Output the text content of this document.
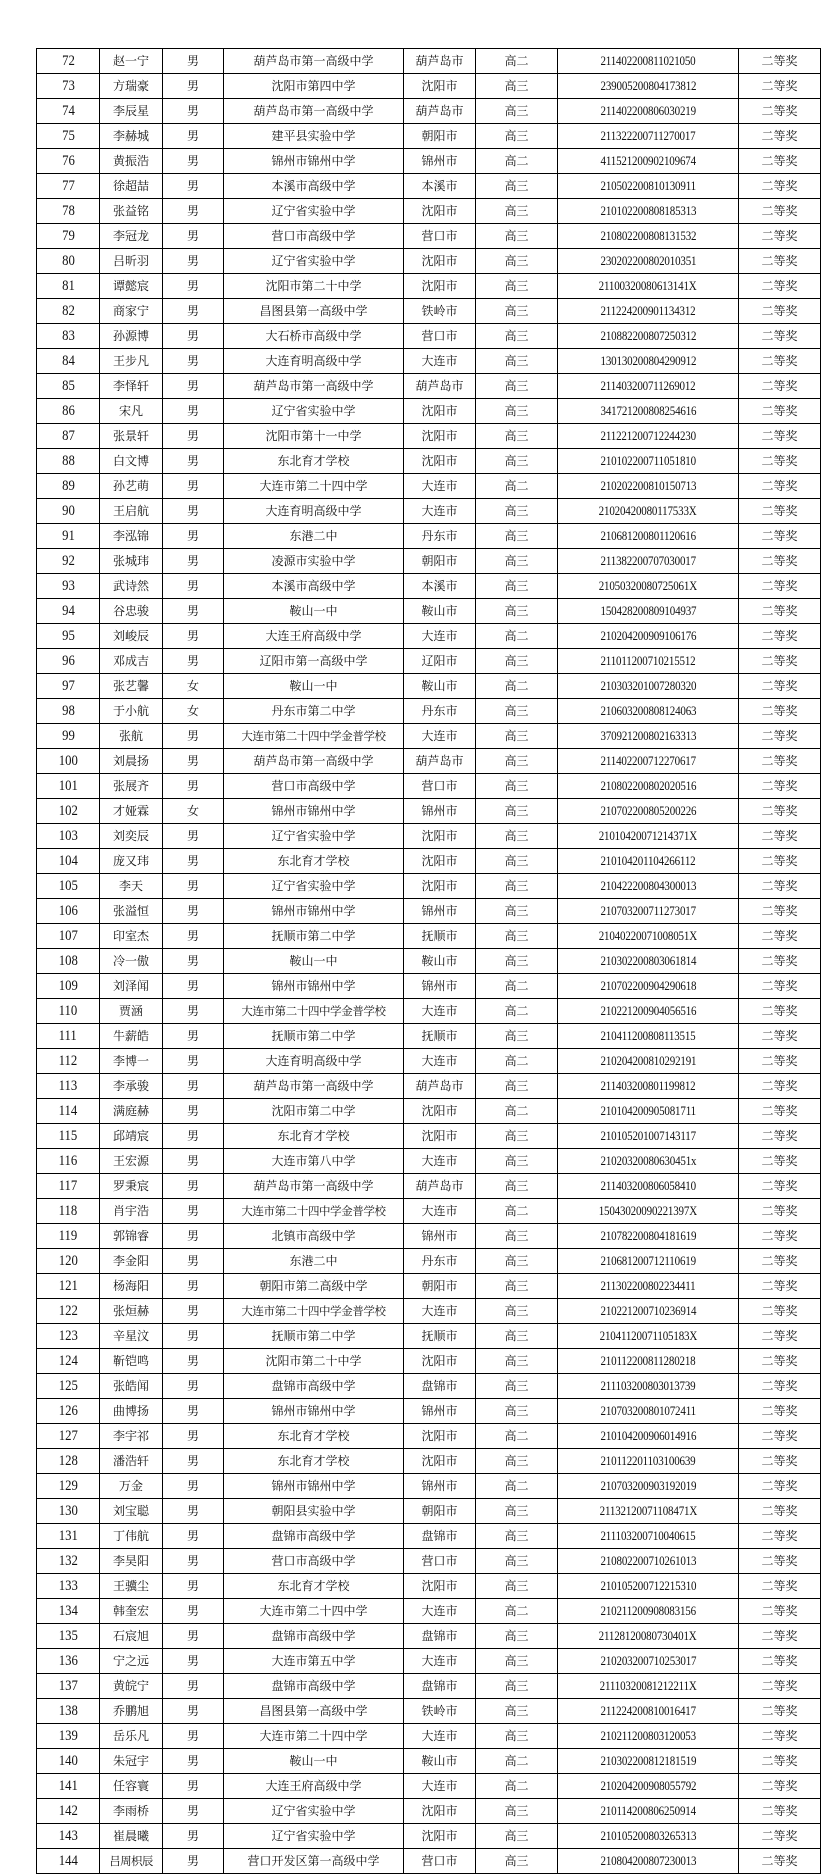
72	赵一宁	男	葫芦岛市第一高级中学	葫芦岛市	高二	211402200811021050	二等奖
73	方瑞豪	男	沈阳市第四中学	沈阳市	高三	239005200804173812	二等奖
74	李辰星	男	葫芦岛市第一高级中学	葫芦岛市	高三	211402200806030219	二等奖
75	李赫城	男	建平县实验中学	朝阳市	高三	211322200711270017	二等奖
76	黄振浩	男	锦州市锦州中学	锦州市	高二	411521200902109674	二等奖
77	徐超喆	男	本溪市高级中学	本溪市	高三	210502200810130911	二等奖
78	张益铭	男	辽宁省实验中学	沈阳市	高三	210102200808185313	二等奖
79	李冠龙	男	营口市高级中学	营口市	高三	210802200808131532	二等奖
80	吕昕羽	男	辽宁省实验中学	沈阳市	高三	230202200802010351	二等奖
81	谭懿宸	男	沈阳市第二十中学	沈阳市	高三	21100320080613141X	二等奖
82	商家宁	男	昌图县第一高级中学	铁岭市	高三	211224200901134312	二等奖
83	孙源博	男	大石桥市高级中学	营口市	高三	210882200807250312	二等奖
84	王步凡	男	大连育明高级中学	大连市	高三	130130200804290912	二等奖
85	李怿轩	男	葫芦岛市第一高级中学	葫芦岛市	高三	211403200711269012	二等奖
86	宋凡	男	辽宁省实验中学	沈阳市	高三	341721200808254616	二等奖
87	张景轩	男	沈阳市第十一中学	沈阳市	高三	211221200712244230	二等奖
88	白文博	男	东北育才学校	沈阳市	高三	210102200711051810	二等奖
89	孙艺萌	男	大连市第二十四中学	大连市	高二	210202200810150713	二等奖
90	王启航	男	大连育明高级中学	大连市	高三	21020420080117533X	二等奖
91	李泓锦	男	东港二中	丹东市	高三	210681200801120616	二等奖
92	张城玮	男	凌源市实验中学	朝阳市	高三	211382200707030017	二等奖
93	武诗然	男	本溪市高级中学	本溪市	高三	21050320080725061X	二等奖
94	谷忠骏	男	鞍山一中	鞍山市	高三	150428200809104937	二等奖
95	刘峻辰	男	大连王府高级中学	大连市	高二	210204200909106176	二等奖
96	邓成吉	男	辽阳市第一高级中学	辽阳市	高三	211011200710215512	二等奖
97	张艺馨	女	鞍山一中	鞍山市	高二	210303201007280320	二等奖
98	于小航	女	丹东市第二中学	丹东市	高三	210603200808124063	二等奖
99	张航	男	大连市第二十四中学金普学校	大连市	高三	370921200802163313	二等奖
100	刘晨扬	男	葫芦岛市第一高级中学	葫芦岛市	高三	211402200712270617	二等奖
101	张展齐	男	营口市高级中学	营口市	高三	210802200802020516	二等奖
102	才娅霖	女	锦州市锦州中学	锦州市	高三	210702200805200226	二等奖
103	刘奕辰	男	辽宁省实验中学	沈阳市	高三	21010420071214371X	二等奖
104	庞又玮	男	东北育才学校	沈阳市	高三	210104201104266112	二等奖
105	李天	男	辽宁省实验中学	沈阳市	高三	210422200804300013	二等奖
106	张溢恒	男	锦州市锦州中学	锦州市	高三	210703200711273017	二等奖
107	印室杰	男	抚顺市第二中学	抚顺市	高三	21040220071008051X	二等奖
108	冷一傲	男	鞍山一中	鞍山市	高三	210302200803061814	二等奖
109	刘泽闻	男	锦州市锦州中学	锦州市	高二	210702200904290618	二等奖
110	贾涵	男	大连市第二十四中学金普学校	大连市	高二	210221200904056516	二等奖
111	牛薪皓	男	抚顺市第二中学	抚顺市	高三	210411200808113515	二等奖
112	李博一	男	大连育明高级中学	大连市	高二	210204200810292191	二等奖
113	李承骏	男	葫芦岛市第一高级中学	葫芦岛市	高三	211403200801199812	二等奖
114	满庭赫	男	沈阳市第二中学	沈阳市	高二	210104200905081711	二等奖
115	邱靖宸	男	东北育才学校	沈阳市	高三	210105201007143117	二等奖
116	王宏源	男	大连市第八中学	大连市	高三	21020320080630451x	二等奖
117	罗秉宸	男	葫芦岛市第一高级中学	葫芦岛市	高三	211403200806058410	二等奖
118	肖宇浩	男	大连市第二十四中学金普学校	大连市	高二	15043020090221397X	二等奖
119	郭锦睿	男	北镇市高级中学	锦州市	高三	210782200804181619	二等奖
120	李金阳	男	东港二中	丹东市	高三	210681200712110619	二等奖
121	杨海阳	男	朝阳市第二高级中学	朝阳市	高三	211302200802234411	二等奖
122	张烜赫	男	大连市第二十四中学金普学校	大连市	高三	210221200710236914	二等奖
123	辛星汶	男	抚顺市第二中学	抚顺市	高三	21041120071105183X	二等奖
124	靳铠鸣	男	沈阳市第二十中学	沈阳市	高三	210112200811280218	二等奖
125	张皓闻	男	盘锦市高级中学	盘锦市	高三	211103200803013739	二等奖
126	曲博扬	男	锦州市锦州中学	锦州市	高三	210703200801072411	二等奖
127	李宇祁	男	东北育才学校	沈阳市	高二	210104200906014916	二等奖
128	潘浩轩	男	东北育才学校	沈阳市	高三	210112201103100639	二等奖
129	万金	男	锦州市锦州中学	锦州市	高二	210703200903192019	二等奖
130	刘宝聪	男	朝阳县实验中学	朝阳市	高三	21132120071108471X	二等奖
131	丁伟航	男	盘锦市高级中学	盘锦市	高三	211103200710040615	二等奖
132	李昊阳	男	营口市高级中学	营口市	高三	210802200710261013	二等奖
133	王骥尘	男	东北育才学校	沈阳市	高三	210105200712215310	二等奖
134	韩奎宏	男	大连市第二十四中学	大连市	高二	210211200908083156	二等奖
135	石宸旭	男	盘锦市高级中学	盘锦市	高三	21128120080730401X	二等奖
136	宁之远	男	大连市第五中学	大连市	高三	210203200710253017	二等奖
137	黄皖宁	男	盘锦市高级中学	盘锦市	高三	21110320081212211X	二等奖
138	乔鹏旭	男	昌图县第一高级中学	铁岭市	高三	211224200810016417	二等奖
139	岳乐凡	男	大连市第二十四中学	大连市	高三	210211200803120053	二等奖
140	朱冠宇	男	鞍山一中	鞍山市	高二	210302200812181519	二等奖
141	任容寰	男	大连王府高级中学	大连市	高二	210204200908055792	二等奖
142	李雨桥	男	辽宁省实验中学	沈阳市	高三	210114200806250914	二等奖
143	崔晨曦	男	辽宁省实验中学	沈阳市	高三	210105200803265313	二等奖
144	吕周枳辰	男	营口开发区第一高级中学	营口市	高三	210804200807230013	二等奖
